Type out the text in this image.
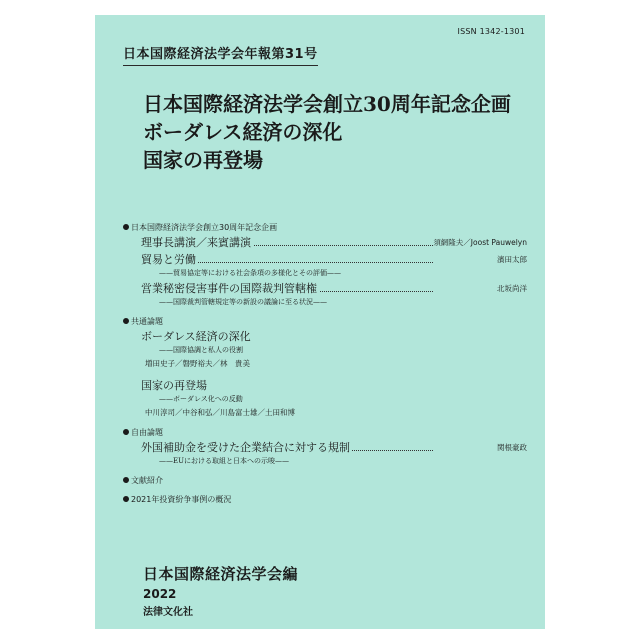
ISSN 1342-1301
日本国際経済法学会年報第31号
日本国際経済法学会創立30周年記念企画
ボーダレス経済の深化
国家の再登場
日本国際経済法学会創立30周年記念企画
理事長講演／来賓講演	須網隆夫／Joost Pauwelyn
貿易と労働	濱田太郎
——貿易協定等における社会条項の多様化とその評価——
営業秘密侵害事件の国際裁判管轄権	北坂尚洋
——国際裁判管轄規定等の新設の議論に至る状況——
共通論題
ボーダレス経済の深化
——国際協調と私人の役割
増田史子／磐野裕夫／林　貴美
国家の再登場
——ボーダレス化への反動
中川淳司／中谷和弘／川島富士雄／土田和博
自由論題
外国補助金を受けた企業結合に対する規制	関根豪政
——EUにおける取組と日本への示唆——
文献紹介
2021年投資紛争事例の概況
日本国際経済法学会編
2022
法律文化社
